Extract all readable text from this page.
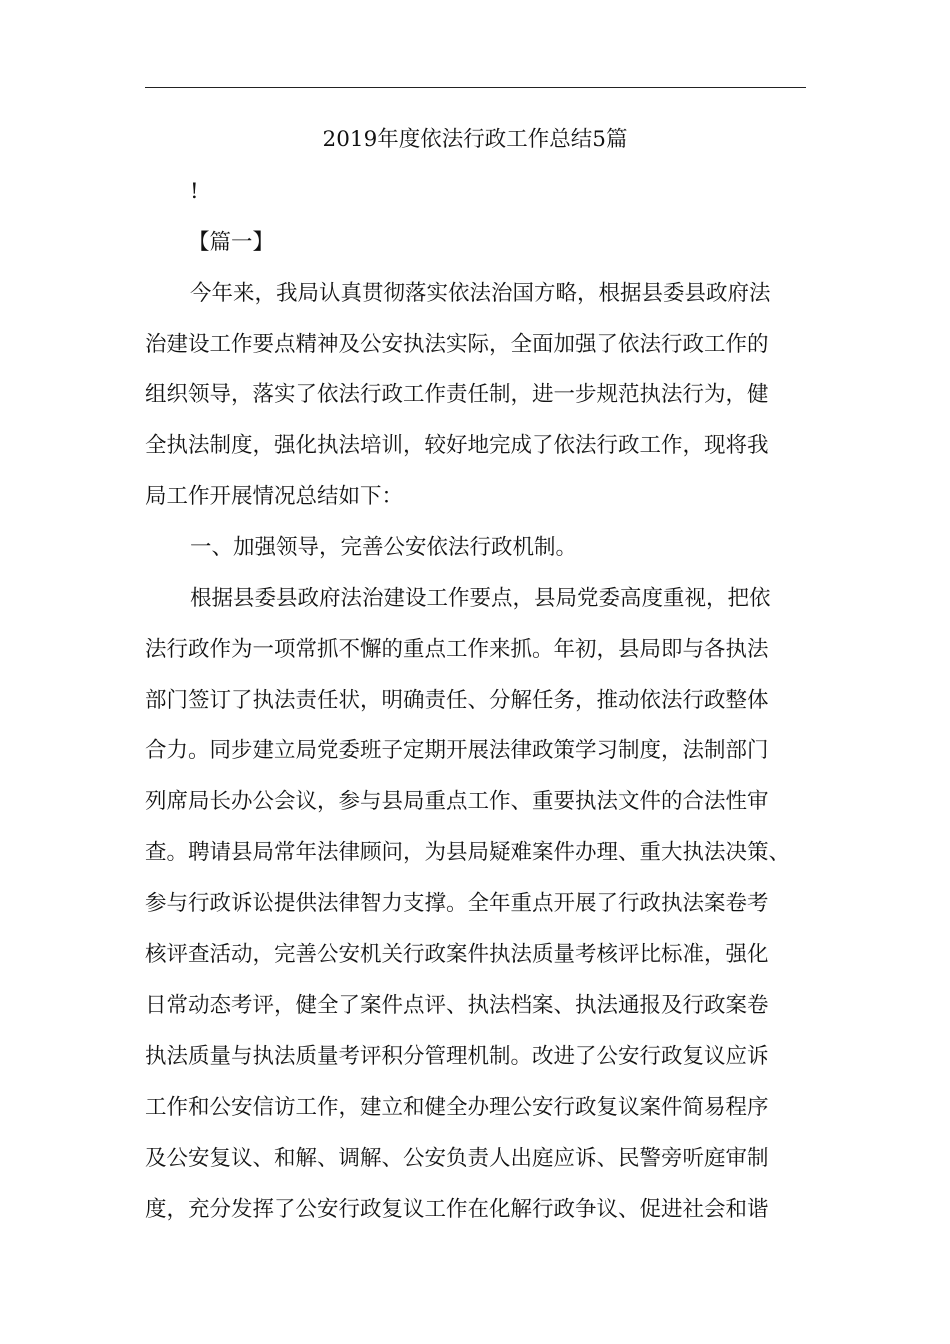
2019年度依法行政工作总结5篇
!
【篇一】
今年来，我局认真贯彻落实依法治国方略，根据县委县政府法
治建设工作要点精神及公安执法实际，全面加强了依法行政工作的
组织领导，落实了依法行政工作责任制，进一步规范执法行为，健
全执法制度，强化执法培训，较好地完成了依法行政工作，现将我
局工作开展情况总结如下：
一、加强领导，完善公安依法行政机制。
根据县委县政府法治建设工作要点，县局党委高度重视，把依
法行政作为一项常抓不懈的重点工作来抓。年初，县局即与各执法
部门签订了执法责任状，明确责任、分解任务，推动依法行政整体
合力。同步建立局党委班子定期开展法律政策学习制度，法制部门
列席局长办公会议，参与县局重点工作、重要执法文件的合法性审
查。聘请县局常年法律顾问，为县局疑难案件办理、重大执法决策、
参与行政诉讼提供法律智力支撑。全年重点开展了行政执法案卷考
核评查活动，完善公安机关行政案件执法质量考核评比标准，强化
日常动态考评，健全了案件点评、执法档案、执法通报及行政案卷
执法质量与执法质量考评积分管理机制。改进了公安行政复议应诉
工作和公安信访工作，建立和健全办理公安行政复议案件简易程序
及公安复议、和解、调解、公安负责人出庭应诉、民警旁听庭审制
度，充分发挥了公安行政复议工作在化解行政争议、促进社会和谐
